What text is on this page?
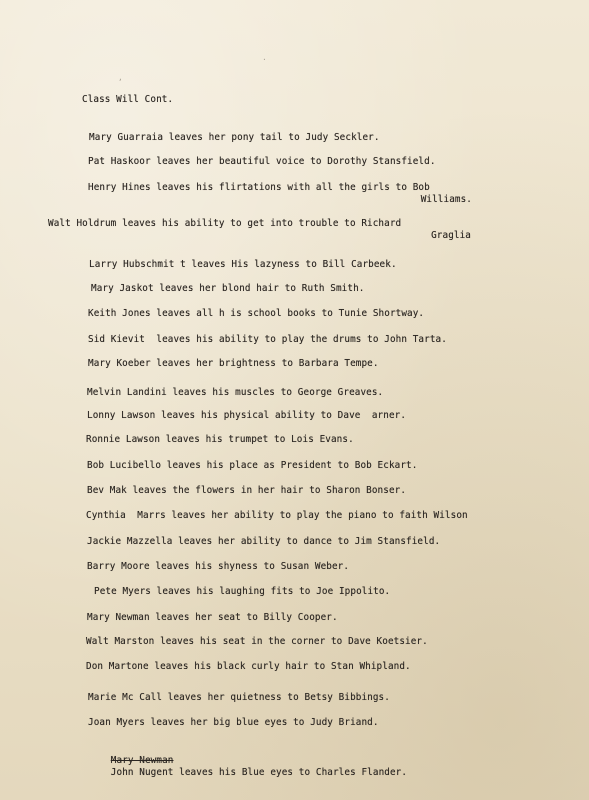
‚
·

Class Will Cont.

Mary Guarraia leaves her pony tail to Judy Seckler.

Pat Haskoor leaves her beautiful voice to Dorothy Stansfield.

Henry Hines leaves his flirtations with all the girls to Bob

Williams.

Walt Holdrum leaves his ability to get into trouble to Richard

Graglia

Larry Hubschmit t leaves His lazyness to Bill Carbeek.

Mary Jaskot leaves her blond hair to Ruth Smith.

Keith Jones leaves all h is school books to Tunie Shortway.

Sid Kievit  leaves his ability to play the drums to John Tarta.

Mary Koeber leaves her brightness to Barbara Tempe.

Melvin Landini leaves his muscles to George Greaves.

Lonny Lawson leaves his physical ability to Dave  arner.

Ronnie Lawson leaves his trumpet to Lois Evans.

Bob Lucibello leaves his place as President to Bob Eckart.

Bev Mak leaves the flowers in her hair to Sharon Bonser.

Cynthia  Marrs leaves her ability to play the piano to faith Wilson

Jackie Mazzella leaves her ability to dance to Jim Stansfield.

Barry Moore leaves his shyness to Susan Weber.

Pete Myers leaves his laughing fits to Joe Ippolito.

Mary Newman leaves her seat to Billy Cooper.

Walt Marston leaves his seat in the corner to Dave Koetsier.

Don Martone leaves his black curly hair to Stan Whipland.

Marie Mc Call leaves her quietness to Betsy Bibbings.

Joan Myers leaves her big blue eyes to Judy Briand.

Mary Newman
John Nugent leaves his Blue eyes to Charles Flander.
